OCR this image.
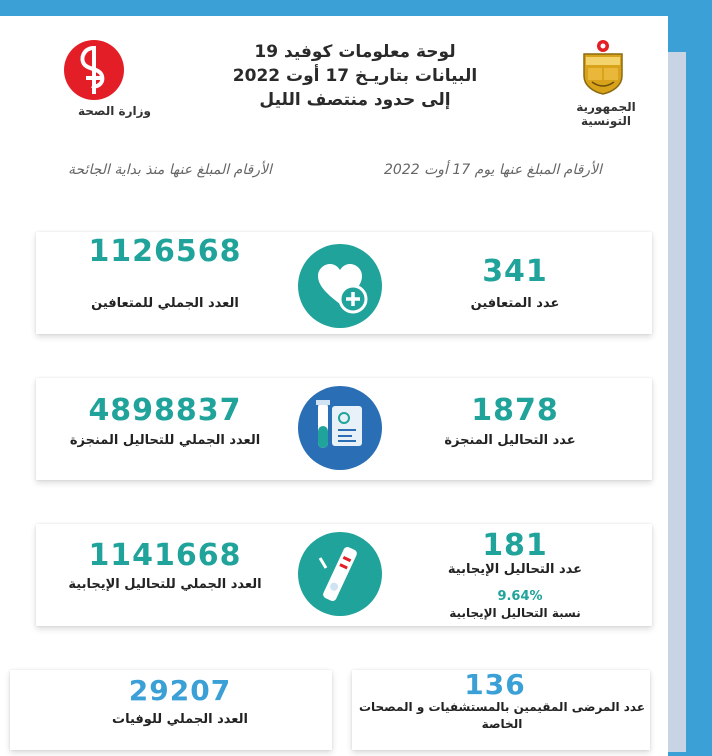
وزارة الصحة
لوحة معلومات كوفيد 19
البيانات بتاريـخ 17 أوت 2022
إلى حدود منتصف الليل	الجمهورية التونسية
الأرقام المبلغ عنها منذ بداية الجائحة	الأرقام المبلغ عنها يوم 17 أوت 2022
1126568
العدد الجملي للمتعافين
341
عدد المتعافين
4898837
العدد الجملي للتحاليل المنجزة
1878
عدد التحاليل المنجزة
1141668
العدد الجملي للتحاليل الإيجابية
181
عدد التحاليل الإيجابية
9.64%
نسبة التحاليل الإيجابية
29207
العدد الجملي للوفيات
136
عدد المرضى المقيمين بالمستشفيات و المصحات
الخاصة
